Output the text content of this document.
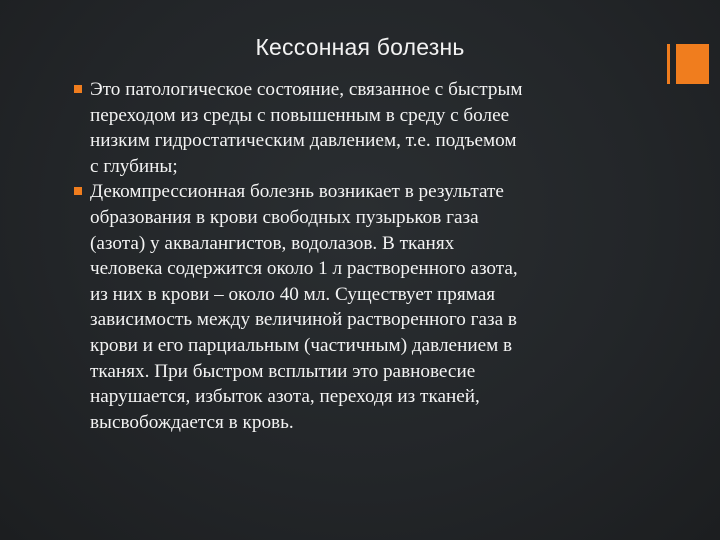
Кессонная болезнь
Это патологическое состояние, связанное с быстрым
переходом из среды с повышенным в среду с более
низким гидростатическим давлением, т.е. подъемом
с глубины;
Декомпрессионная болезнь возникает в результате
образования в крови свободных пузырьков газа
(азота) у аквалангистов, водолазов. В тканях
человека содержится около 1 л растворенного азота,
из них в крови – около 40 мл. Существует прямая
зависимость между величиной растворенного газа в
крови и его парциальным (частичным) давлением в
тканях. При быстром всплытии это равновесие
нарушается, избыток азота, переходя из тканей,
высвобождается в кровь.
